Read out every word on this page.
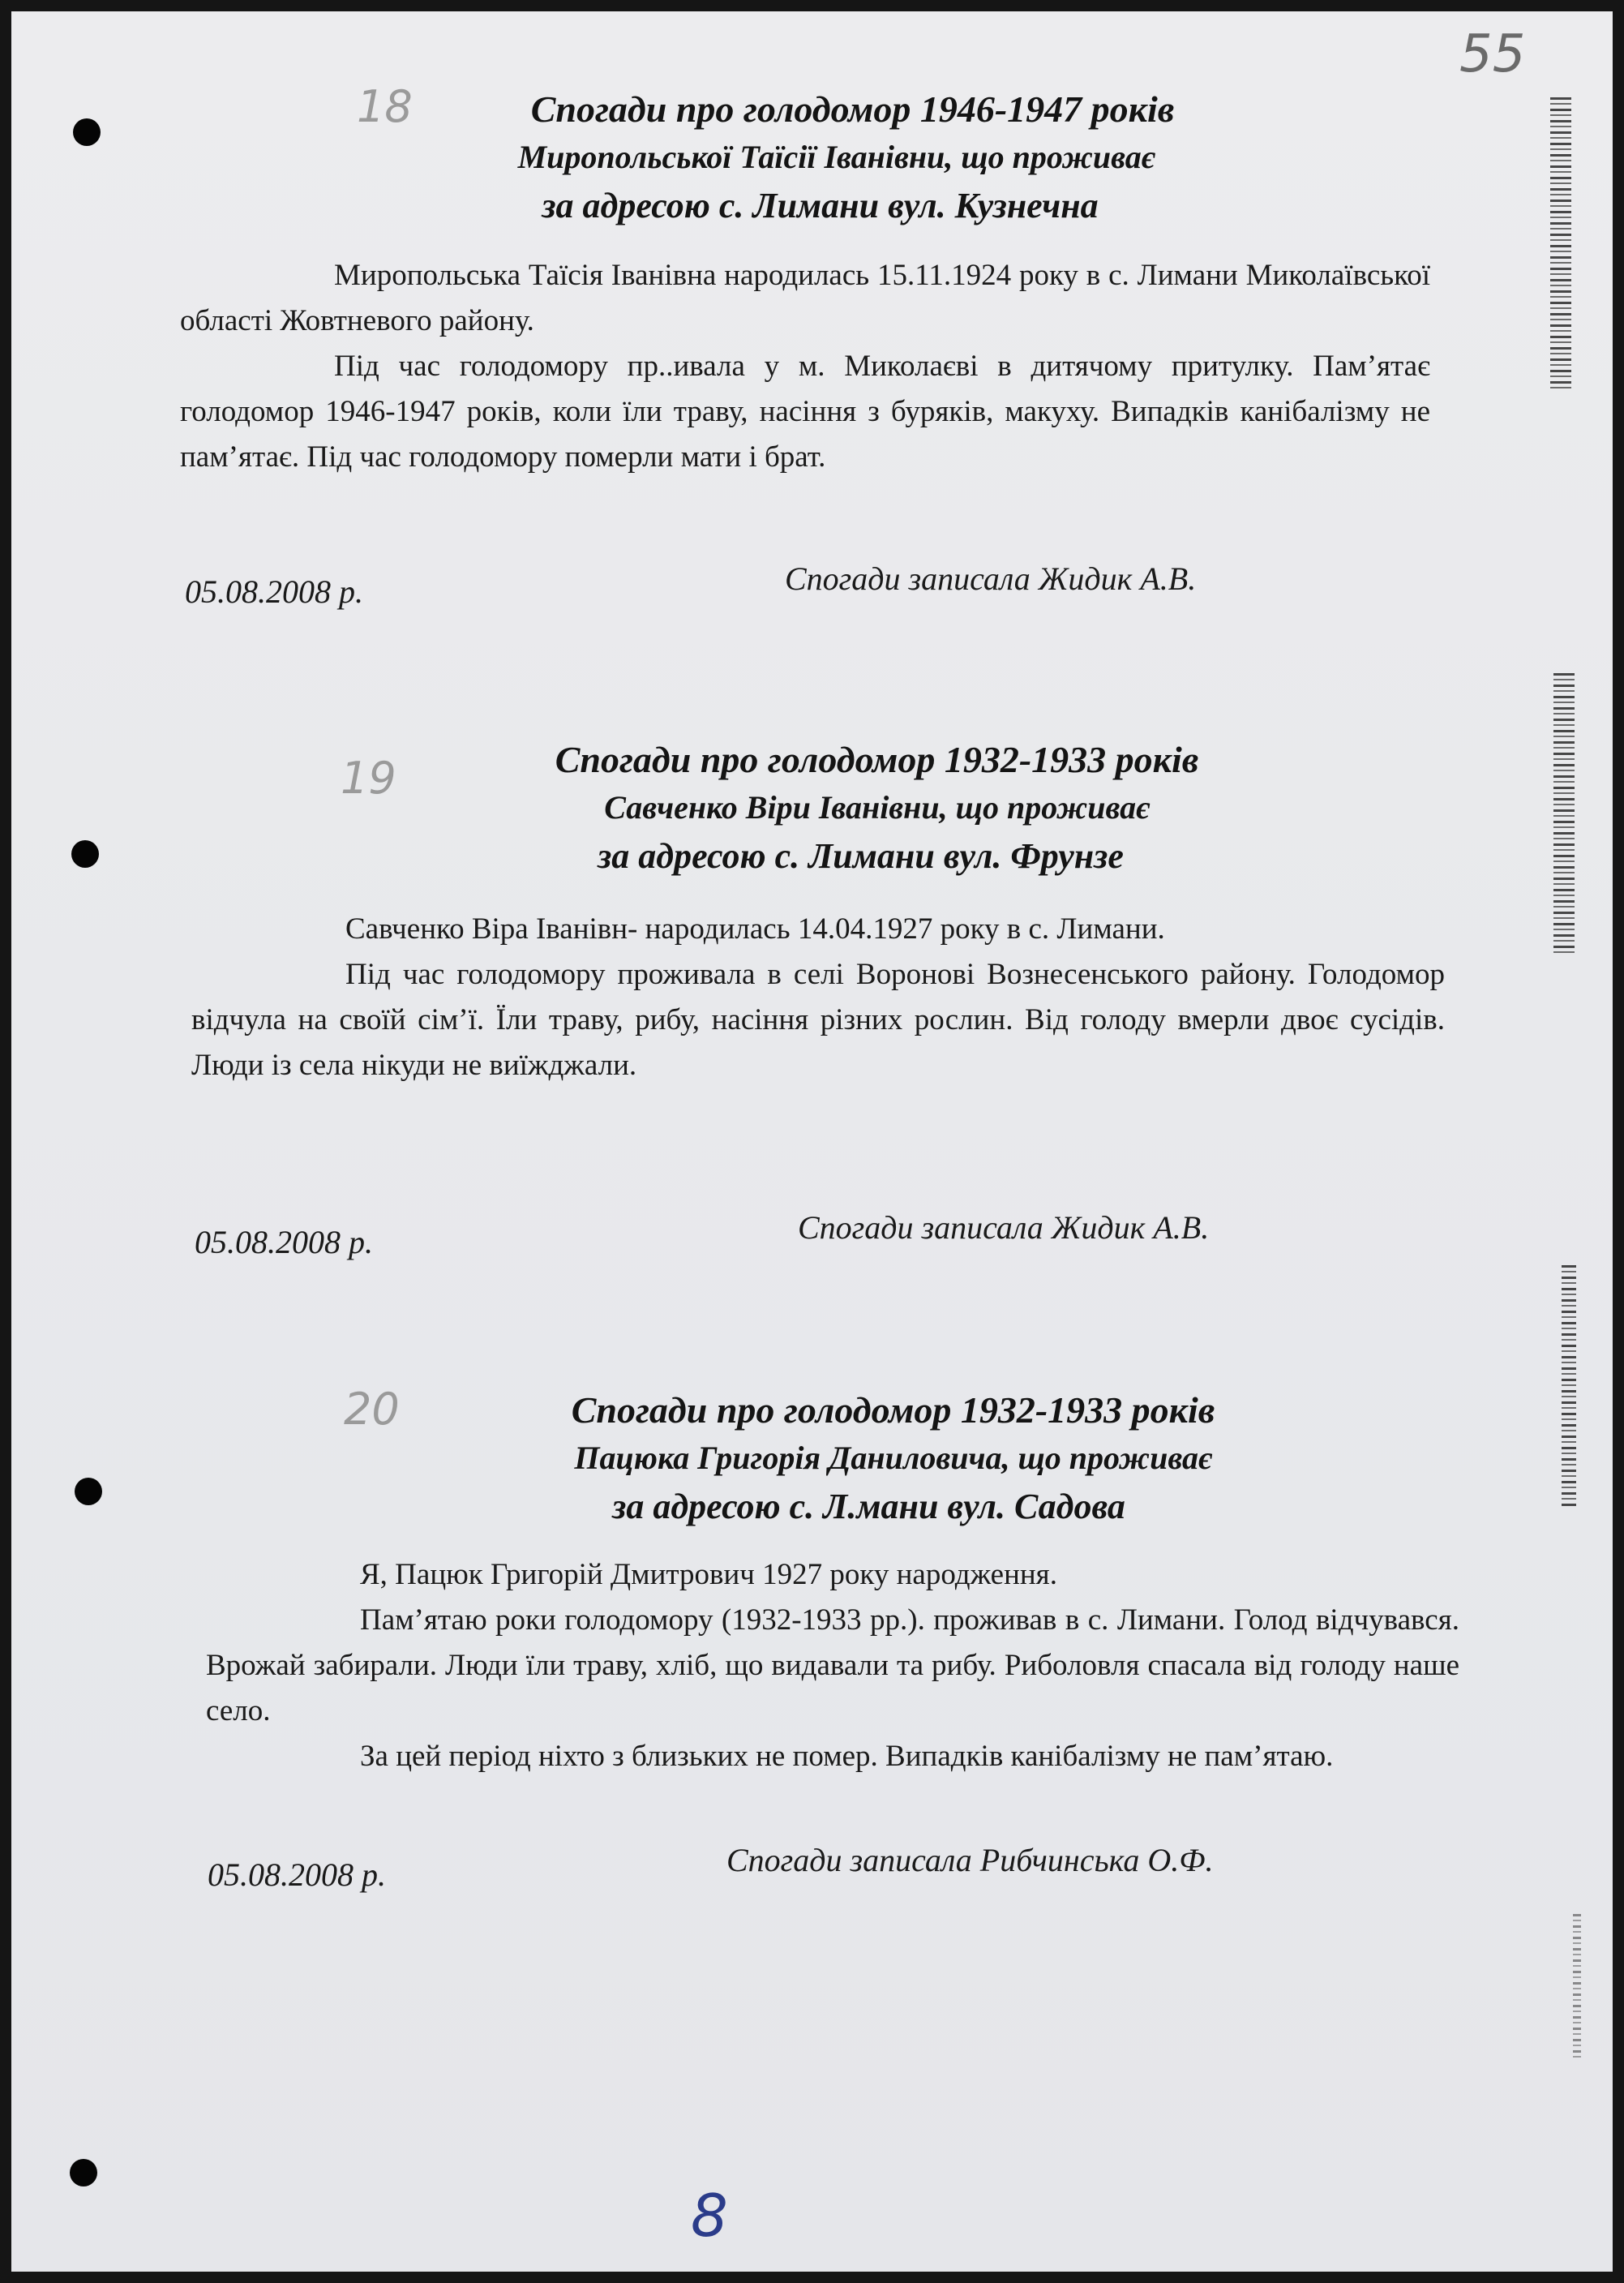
55
18	Спогади про голодомор 1946-1947 років
Миропольської Таїсії Іванівни, що проживає
за адресою с. Лимани вул. Кузнечна

Миропольська Таїсія Іванівна народилась 15.11.1924 року в с. Лимани Миколаївської області Жовтневого району.

Під час голодомору пр..ивала у м. Миколаєві в дитячому притулку. Пам’ятає голодомор 1946-1947 років, коли їли траву, насіння з буряків, макуху. Випадків канібалізму не пам’ятає. Під час голодомору померли мати і брат.

05.08.2008 р.	Спогади записала Жидик А.В.
19	Спогади про голодомор 1932-1933 років
Савченко Віри Іванівни, що проживає
за адресою с. Лимани вул. Фрунзе

Савченко Віра Іванівн- народилась 14.04.1927 року в с. Лимани.

Під час голодомору проживала в селі Воронові Вознесенського району. Голодомор відчула на своїй сім’ї. Їли траву, рибу, насіння різних рослин. Від голоду вмерли двоє сусідів. Люди із села нікуди не виїжджали.

05.08.2008 р.	Спогади записала Жидик А.В.
20	Спогади про голодомор 1932-1933 років
Пацюка Григорія Даниловича, що проживає
за адресою с. Л.мани вул. Садова

Я, Пацюк Григорій Дмитрович 1927 року народження.

Пам’ятаю роки голодомору (1932-1933 рр.). проживав в с. Лимани. Голод відчувався. Врожай забирали. Люди їли траву, хліб, що видавали та рибу. Риболовля спасала від голоду наше село.

За цей період ніхто з близьких не помер. Випадків канібалізму не пам’ятаю.

05.08.2008 р.	Спогади записала Рибчинська О.Ф.
8
